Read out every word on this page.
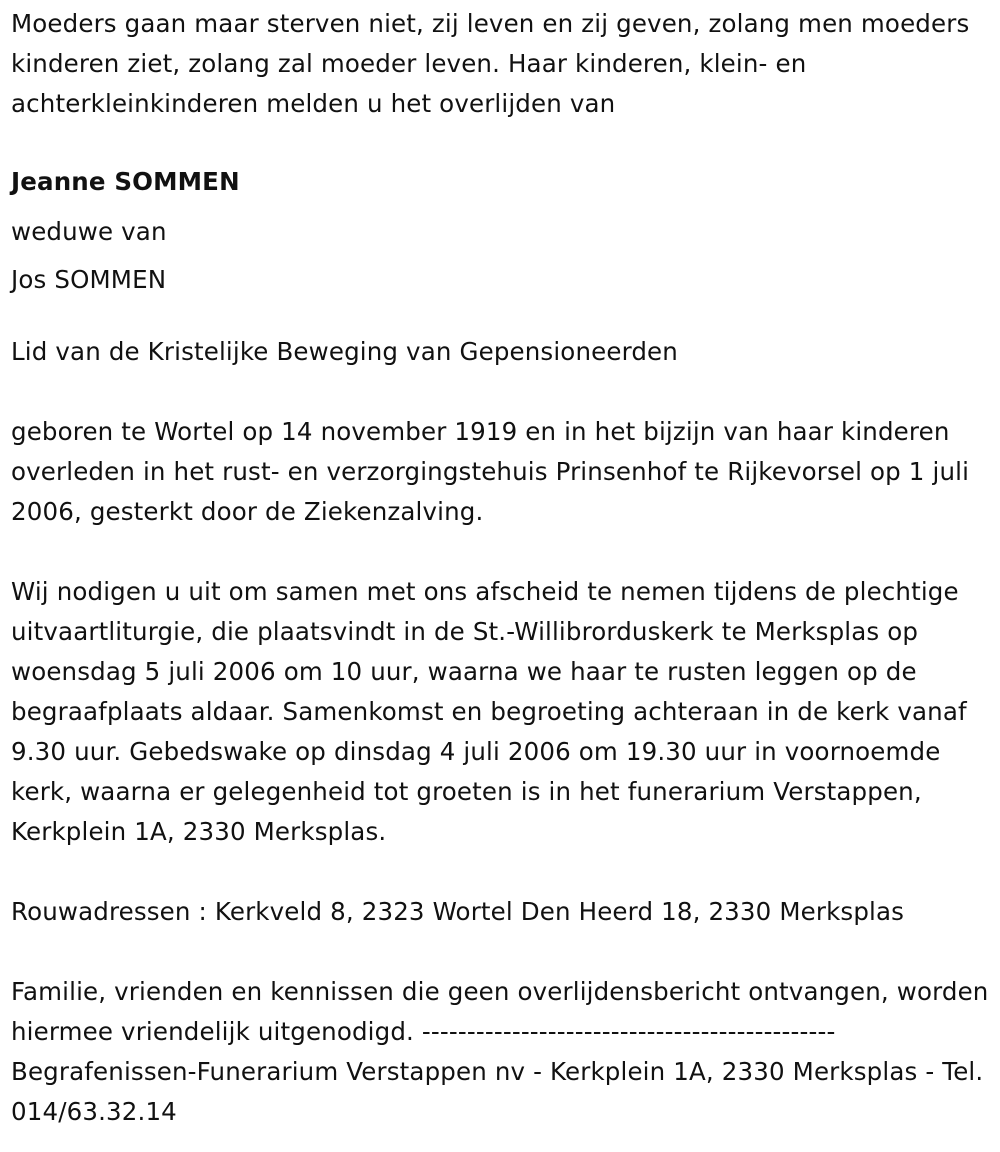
Moeders gaan maar sterven niet, zij leven en zij geven, zolang men moeders kinderen ziet, zolang zal moeder leven. Haar kinderen, klein- en achterkleinkinderen melden u het overlijden van

Jeanne SOMMEN

weduwe van

Jos SOMMEN

Lid van de Kristelijke Beweging van Gepensioneerden

geboren te Wortel op 14 november 1919 en in het bijzijn van haar kinderen overleden in het rust- en verzorgingstehuis Prinsenhof te Rijkevorsel op 1 juli 2006, gesterkt door de Ziekenzalving.

Wij nodigen u uit om samen met ons afscheid te nemen tijdens de plechtige uitvaartliturgie, die plaatsvindt in de St.-Willibrorduskerk te Merksplas op woensdag 5 juli 2006 om 10 uur, waarna we haar te rusten leggen op de begraafplaats aldaar. Samenkomst en begroeting achteraan in de kerk vanaf 9.30 uur. Gebedswake op dinsdag 4 juli 2006 om 19.30 uur in voornoemde kerk, waarna er gelegenheid tot groeten is in het funerarium Verstappen, Kerkplein 1A, 2330 Merksplas.

Rouwadressen : Kerkveld 8, 2323 Wortel Den Heerd 18, 2330 Merksplas

Familie, vrienden en kennissen die geen overlijdensbericht ontvangen, worden hiermee vriendelijk uitgenodigd. ---------------------------------------------- Begrafenissen-Funerarium Verstappen nv - Kerkplein 1A, 2330 Merksplas - Tel. 014/63.32.14
